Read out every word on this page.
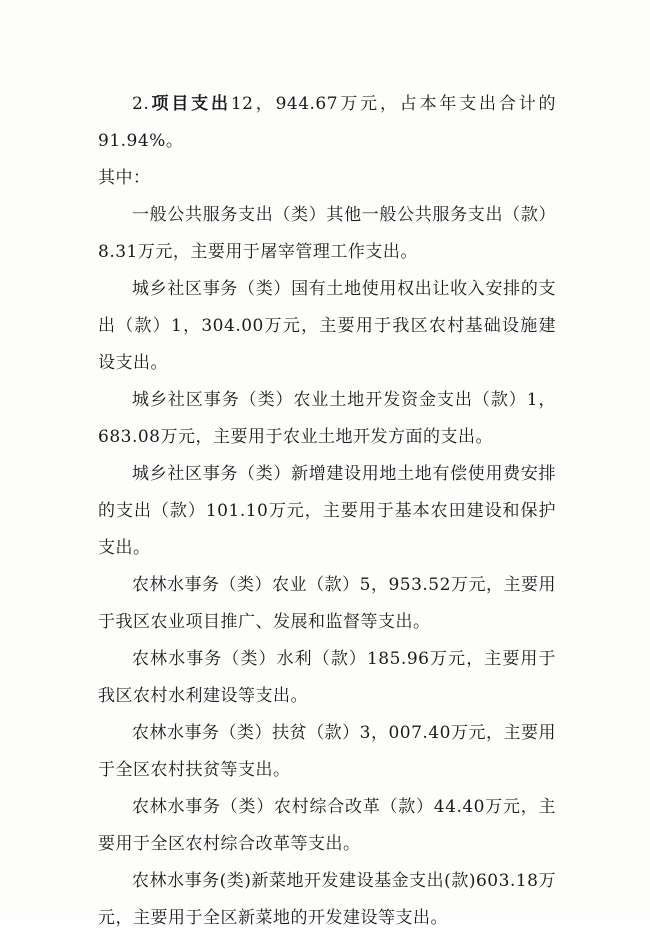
2.项目支出12，944.67万元，占本年支出合计的91.94%。

其中：

一般公共服务支出（类）其他一般公共服务支出（款）8.31万元，主要用于屠宰管理工作支出。

城乡社区事务（类）国有土地使用权出让收入安排的支出（款）1，304.00万元，主要用于我区农村基础设施建设支出。

城乡社区事务（类）农业土地开发资金支出（款）1，683.08万元，主要用于农业土地开发方面的支出。

城乡社区事务（类）新增建设用地土地有偿使用费安排的支出（款）101.10万元，主要用于基本农田建设和保护支出。

农林水事务（类）农业（款）5，953.52万元，主要用于我区农业项目推广、发展和监督等支出。

农林水事务（类）水利（款）185.96万元，主要用于我区农村水利建设等支出。

农林水事务（类）扶贫（款）3，007.40万元，主要用于全区农村扶贫等支出。

农林水事务（类）农村综合改革（款）44.40万元，主要用于全区农村综合改革等支出。

农林水事务(类)新菜地开发建设基金支出(款)603.18万元，主要用于全区新菜地的开发建设等支出。
